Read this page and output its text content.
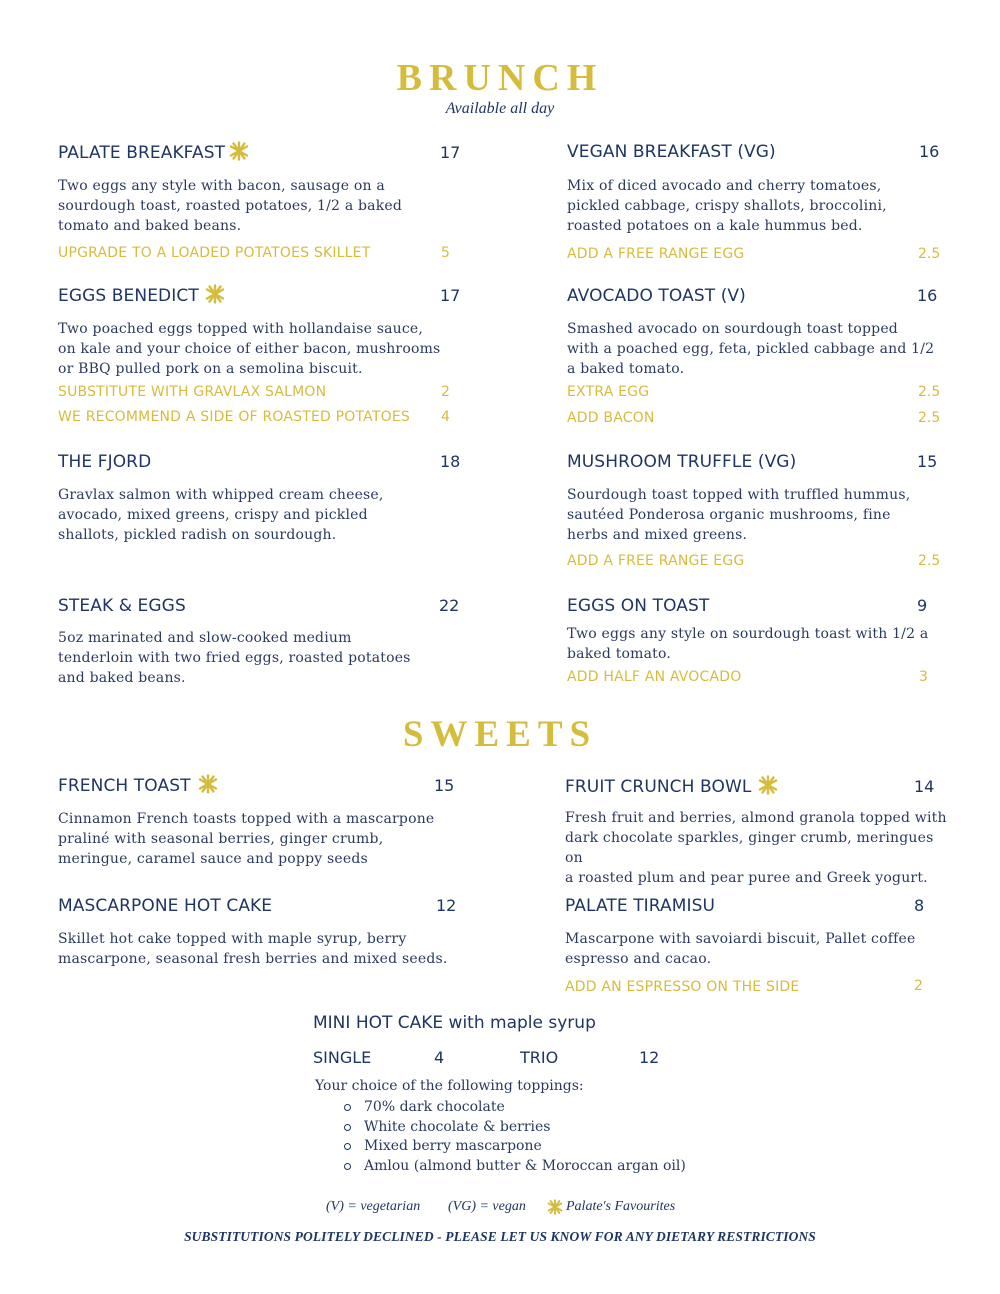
BRUNCH
Available all day
PALATE BREAKFAST	17
Two eggs any style with bacon, sausage on a
sourdough toast, roasted potatoes, 1/2 a baked
tomato and baked beans.
UPGRADE TO A LOADED POTATOES SKILLET	5
VEGAN BREAKFAST (VG)	16
Mix of diced avocado and cherry tomatoes,
pickled cabbage, crispy shallots, broccolini,
roasted potatoes on a kale hummus bed.
ADD A FREE RANGE EGG	2.5
EGGS BENEDICT	17
Two poached eggs topped with hollandaise sauce,
on kale and your choice of either bacon, mushrooms
or BBQ pulled pork on a semolina biscuit.
SUBSTITUTE WITH GRAVLAX SALMON	2
WE RECOMMEND A SIDE OF ROASTED POTATOES 4
AVOCADO TOAST (V)	16
Smashed avocado on sourdough toast topped
with a poached egg, feta, pickled cabbage and 1/2
a baked tomato.
EXTRA EGG	2.5
ADD BACON	2.5
THE FJORD	18
Gravlax salmon with whipped cream cheese,
avocado, mixed greens, crispy and pickled
shallots, pickled radish on sourdough.
MUSHROOM TRUFFLE (VG)	15
Sourdough toast topped with truffled hummus,
sautéed Ponderosa organic mushrooms, fine
herbs and mixed greens.
ADD A FREE RANGE EGG	2.5
STEAK & EGGS	22
5oz marinated and slow-cooked medium
tenderloin with two fried eggs, roasted potatoes
and baked beans.
EGGS ON TOAST	9
Two eggs any style on sourdough toast with 1/2 a
baked tomato.
ADD HALF AN AVOCADO	3
SWEETS
FRENCH TOAST	15
Cinnamon French toasts topped with a mascarpone
praliné with seasonal berries, ginger crumb,
meringue, caramel sauce and poppy seeds
FRUIT CRUNCH BOWL	14
Fresh fruit and berries, almond granola topped with
dark chocolate sparkles, ginger crumb, meringues on
a roasted plum and pear puree and Greek yogurt.
MASCARPONE HOT CAKE	12
Skillet hot cake topped with maple syrup, berry
mascarpone, seasonal fresh berries and mixed seeds.
PALATE TIRAMISU	8
Mascarpone with savoiardi biscuit, Pallet coffee
espresso and cacao.
ADD AN ESPRESSO ON THE SIDE	2
MINI HOT CAKE with maple syrup
SINGLE	4	TRIO	12
Your choice of the following toppings:
70% dark chocolate
White chocolate & berries
Mixed berry mascarpone
Amlou (almond butter & Moroccan argan oil)
(V) = vegetarian (VG) = vegan	Palate's Favourites
SUBSTITUTIONS POLITELY DECLINED - PLEASE LET US KNOW FOR ANY DIETARY RESTRICTIONS
